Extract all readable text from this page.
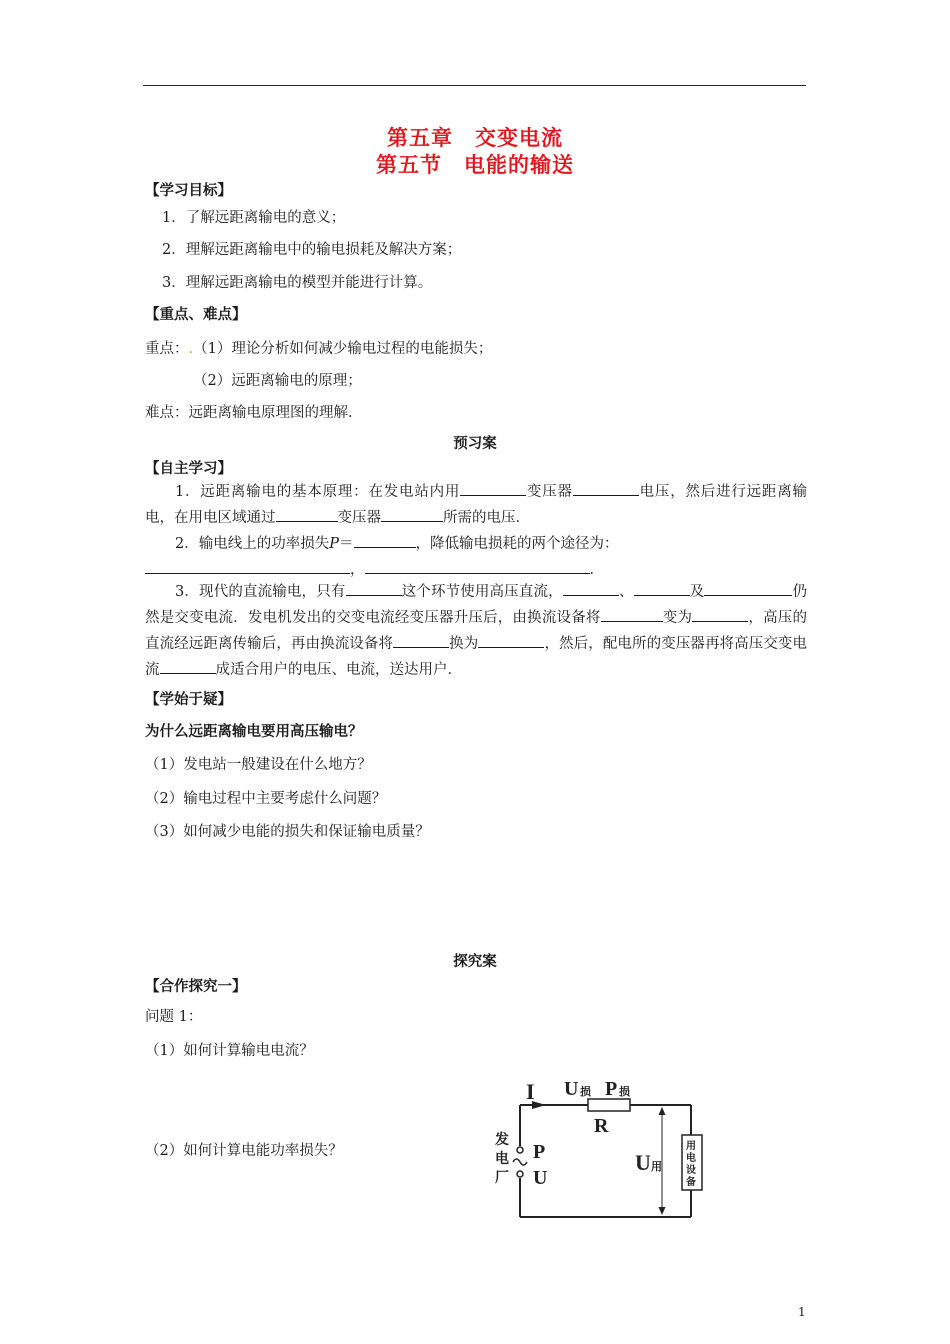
第五章　交变电流
第五节　电能的输送
【学习目标】
1．了解远距离输电的意义；
2．理解远距离输电中的输电损耗及解决方案；
3．理解远距离输电的模型并能进行计算。
【重点、难点】
重点：.（1）理论分析如何减少输电过程的电能损失；
（2）远距离输电的原理；
难点：远距离输电原理图的理解．
预习案
【自主学习】
1．远距离输电的基本原理：在发电站内用	变压器	电压，然后进行远距离输电，在用电区域通过	变压器	所需的电压．
2．输电线上的功率损失P＝	，降低输电损耗的两个途径为：
，	．
3．现代的直流输电，只有	这个环节使用高压直流，	、	及	仍然是交变电流．发电机发出的交变电流经变压器升压后，由换流设备将	变为	，高压的直流经远距离传输后，再由换流设备将	换为	，然后，配电所的变压器再将高压交变电流	成适合用户的电压、电流，送达用户．
【学始于疑】
为什么远距离输电要用高压输电？
（1）发电站一般建设在什么地方？
（2）输电过程中主要考虑什么问题？
（3）如何减少电能的损失和保证输电质量？
探究案
【合作探究一】
问题 1：
（1）如何计算输电电流？
（2）如何计算电能功率损失？
I U 损 P 损
R
P
U
U 用
发
电
厂
用
电
设
备
1
